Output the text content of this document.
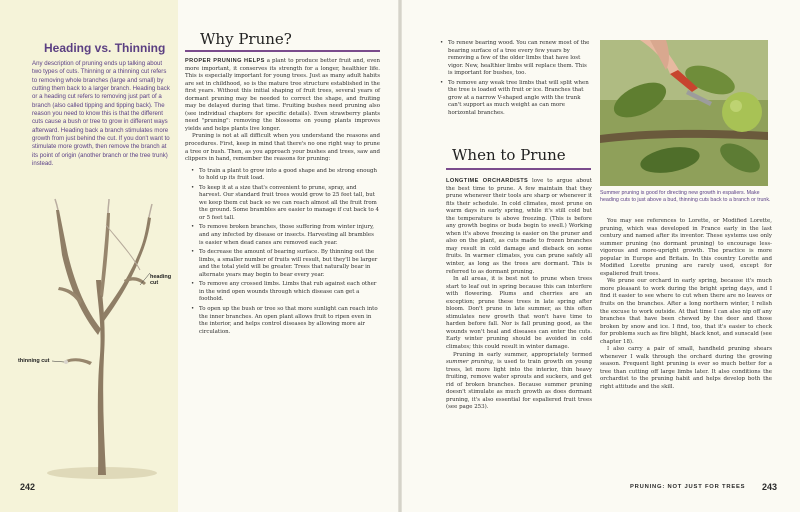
Heading vs. Thinning
Any description of pruning ends up talking about two types of cuts. Thinning or a thinning cut refers to removing whole branches (large and small) by cutting them back to a larger branch. Heading back or a heading cut refers to removing just part of a branch (also called tipping and tipping back). The reason you need to know this is that the different cuts cause a bush or tree to grow in different ways afterward. Heading back a branch stimulates more growth from just behind the cut. If you don't want to stimulate more growth, then remove the branch at its point of origin (another branch or the tree trunk) instead.
heading cut
thinning cut
242
Why Prune?

PROPER PRUNING HELPS a plant to produce better fruit and, even more important, it conserves its strength for a longer, healthier life. This is especially important for young trees. Just as many adult habits are set in childhood, so is the mature tree structure established in the first years. Without this initial shaping of fruit trees, several years of dormant pruning may be needed to correct the shape, and fruiting may be delayed during that time. Fruiting bushes need pruning also (see individual chapters for specific details). Even strawberry plants need "pruning": removing the blossoms on young plants improves yields and helps plants live longer.

Pruning is not at all difficult when you understand the reasons and procedures. First, keep in mind that there's no one right way to prune a tree or bush. Then, as you approach your bushes and trees, saw and clippers in hand, remember the reasons for pruning:

• To train a plant to grow into a good shape and be strong enough to hold up its fruit load.
• To keep it at a size that's convenient to prune, spray, and harvest. Our standard fruit trees would grow to 25 feet tall, but we keep them cut back so we can reach almost all the fruit from the ground. Some brambles are easier to manage if cut back to 4 or 5 feet tall.
• To remove broken branches, those suffering from winter injury, and any infected by disease or insects. Harvesting all brambles is easier when dead canes are removed each year.
• To decrease the amount of bearing surface. By thinning out the limbs, a smaller number of fruits will result, but they'll be larger and the total yield will be greater. Trees that naturally bear in alternate years may begin to bear every year.
• To remove any crossed limbs. Limbs that rub against each other in the wind open wounds through which disease can get a foothold.
• To open up the bush or tree so that more sunlight can reach into the inner branches. An open plant allows fruit to ripen even in the interior, and helps control diseases by allowing more air circulation.
• To renew bearing wood. You can renew most of the bearing surface of a tree every few years by removing a few of the older limbs that have lost vigor. New, healthier limbs will replace them. This is important for bushes, too.
• To remove any weak tree limbs that will split when the tree is loaded with fruit or ice. Branches that grow at a narrow V-shaped angle with the trunk can't support as much weight as can more horizontal branches.
When to Prune

LONGTIME ORCHARDISTS love to argue about the best time to prune. A few maintain that they prune whenever their tools are sharp or whenever it fits their schedule. In cold climates, most prune on warm days in early spring, while it's still cold but the temperature is above freezing. (This is before any growth begins or buds begin to swell.) Working when it's above freezing is easier on the pruner and also on the plant, as cuts made to frozen branches may result in cold damage and dieback on some fruits. In warmer climates, you can prune safely all winter, as long as the trees are dormant. This is referred to as dormant pruning.

In all areas, it is best not to prune when trees start to leaf out in spring because this can interfere with flowering. Plums and cherries are an exception; prune these trees in late spring after bloom. Don't prune in late summer, as this often stimulates new growth that won't have time to harden before fall. Nor is fall pruning good, as the wounds won't heal and diseases can enter the cuts. Early winter pruning should be avoided in cold climates; this could result in winter damage.

Pruning in early summer, appropriately termed summer pruning, is used to train growth on young trees, let more light into the interior, thin heavy fruiting, remove water sprouts and suckers, and get rid of broken branches. Because summer pruning doesn't stimulate as much growth as does dormant pruning, it's also essential for espaliered fruit trees (see page 253).

Summer pruning is good for directing new growth in espaliers. Make heading cuts to just above a bud, thinning cuts back to a branch or trunk.

You may see references to Lorette, or Modified Lorette, pruning, which was developed in France early in the last century and named after its inventor. These systems use only summer pruning (no dormant pruning) to encourage less-vigorous and more-upright growth. The practice is more popular in Europe and Britain. In this country Lorette and Modified Lorette pruning are rarely used, except for espaliered fruit trees.

We prune our orchard in early spring, because it's much more pleasant to work during the bright spring days, and I find it easier to see where to cut when there are no leaves or fruits on the branches. After a long northern winter, I relish the excuse to work outside. At that time I can also nip off any branches that have been chewed by the deer and those broken by snow and ice. I find, too, that it's easier to check for problems such as fire blight, black knot, and sunscald (see chapter 18).

I also carry a pair of small, handheld pruning shears whenever I walk through the orchard during the growing season. Frequent light pruning is ever so much better for a tree than cutting off large limbs later. It also conditions the orchardist to the pruning habit and helps develop both the right attitude and the skill.

PRUNING: NOT JUST FOR TREES 243
